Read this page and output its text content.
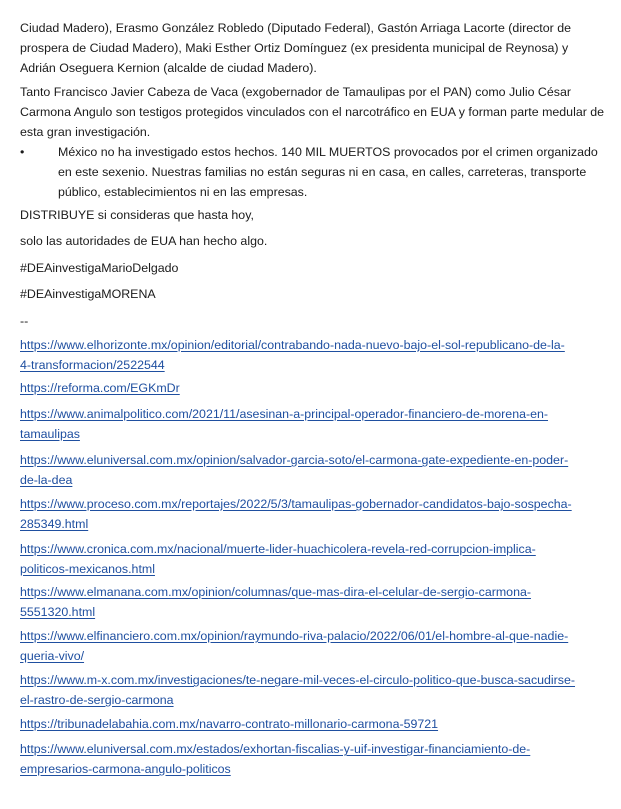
Ciudad Madero), Erasmo González Robledo (Diputado Federal), Gastón Arriaga Lacorte (director de prospera de Ciudad Madero), Maki Esther Ortiz Domínguez (ex presidenta municipal de Reynosa) y Adrián Oseguera Kernion (alcalde de ciudad Madero).

Tanto Francisco Javier Cabeza de Vaca (exgobernador de Tamaulipas por el PAN) como Julio César Carmona Angulo son testigos protegidos vinculados con el narcotráfico en EUA y forman parte medular de esta gran investigación.

•	México no ha investigado estos hechos. 140 MIL MUERTOS provocados por el crimen organizado en este sexenio. Nuestras familias no están seguras ni en casa, en calles, carreteras, transporte público, establecimientos ni en las empresas.

DISTRIBUYE si consideras que hasta hoy,

solo las autoridades de EUA han hecho algo.

#DEAinvestigaMarioDelgado

#DEAinvestigaMORENA

--

https://www.elhorizonte.mx/opinion/editorial/contrabando-nada-nuevo-bajo-el-sol-republicano-de-la-
4-transformacion/2522544
https://reforma.com/EGKmDr
https://www.animalpolitico.com/2021/11/asesinan-a-principal-operador-financiero-de-morena-en-
tamaulipas
https://www.eluniversal.com.mx/opinion/salvador-garcia-soto/el-carmona-gate-expediente-en-poder-
de-la-dea
https://www.proceso.com.mx/reportajes/2022/5/3/tamaulipas-gobernador-candidatos-bajo-sospecha-
285349.html
https://www.cronica.com.mx/nacional/muerte-lider-huachicolera-revela-red-corrupcion-implica-
politicos-mexicanos.html
https://www.elmanana.com.mx/opinion/columnas/que-mas-dira-el-celular-de-sergio-carmona-
5551320.html
https://www.elfinanciero.com.mx/opinion/raymundo-riva-palacio/2022/06/01/el-hombre-al-que-nadie-
queria-vivo/
https://www.m-x.com.mx/investigaciones/te-negare-mil-veces-el-circulo-politico-que-busca-sacudirse-
el-rastro-de-sergio-carmona
https://tribunadelabahia.com.mx/navarro-contrato-millonario-carmona-59721
https://www.eluniversal.com.mx/estados/exhortan-fiscalias-y-uif-investigar-financiamiento-de-
empresarios-carmona-angulo-politicos
